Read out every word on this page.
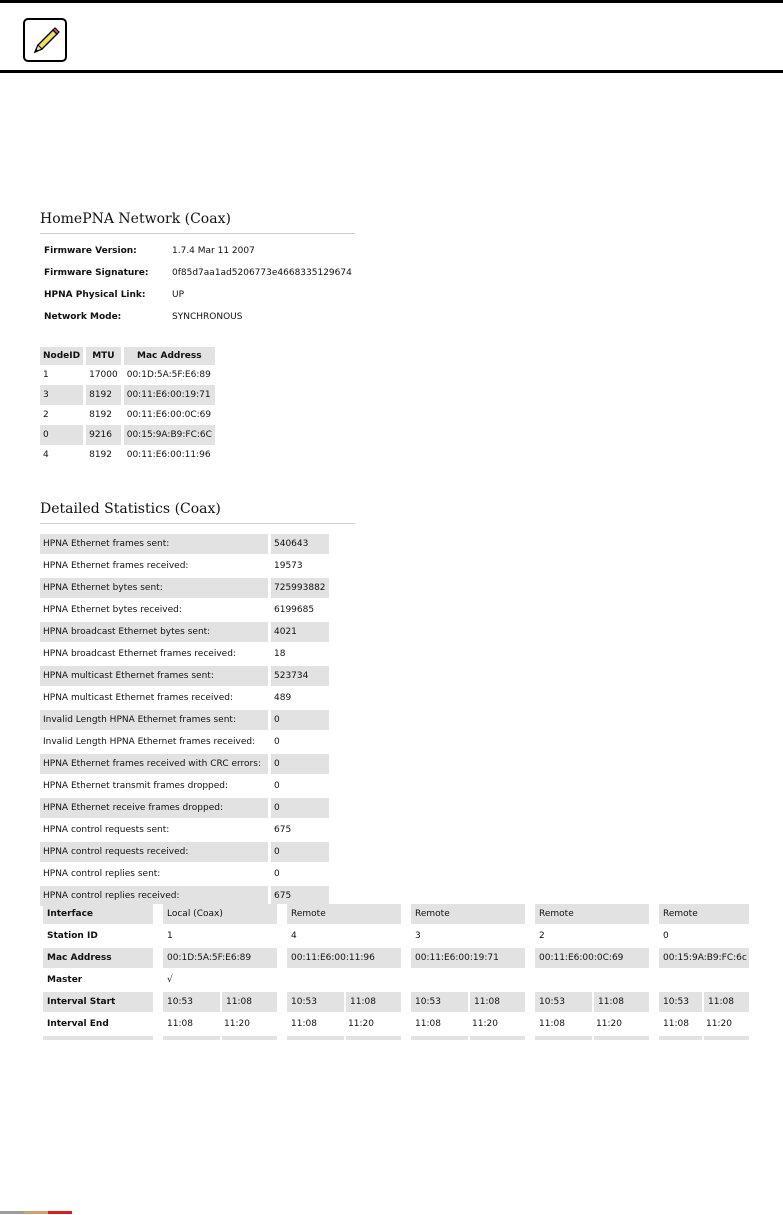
HomePNA Network (Coax)
Firmware Version:	1.7.4 Mar 11 2007
Firmware Signature:	0f85d7aa1ad5206773e4668335129674
HPNA Physical Link:	UP
Network Mode:	SYNCHRONOUS
NodeID	MTU	Mac Address
1	17000	00:1D:5A:5F:E6:89
3	8192	00:11:E6:00:19:71
2	8192	00:11:E6:00:0C:69
0	9216	00:15:9A:B9:FC:6C
4	8192	00:11:E6:00:11:96
Detailed Statistics (Coax)
HPNA Ethernet frames sent:	540643
HPNA Ethernet frames received:	19573
HPNA Ethernet bytes sent:	725993882
HPNA Ethernet bytes received:	6199685
HPNA broadcast Ethernet bytes sent:	4021
HPNA broadcast Ethernet frames received:	18
HPNA multicast Ethernet frames sent:	523734
HPNA multicast Ethernet frames received:	489
Invalid Length HPNA Ethernet frames sent:	0
Invalid Length HPNA Ethernet frames received:	0
HPNA Ethernet frames received with CRC errors:	0
HPNA Ethernet transmit frames dropped:	0
HPNA Ethernet receive frames dropped:	0
HPNA control requests sent:	675
HPNA control requests received:	0
HPNA control replies sent:	0
HPNA control replies received:	675
Interface		Local (Coax)			Remote			Remote			Remote			Remote	
Station ID		1			4			3			2			0	
Mac Address		00:1D:5A:5F:E6:89			00:11:E6:00:11:96			00:11:E6:00:19:71			00:11:E6:00:0C:69			00:15:9A:B9:FC:6c	
Master		√													
Interval Start		10:53	11:08		10:53	11:08		10:53	11:08		10:53	11:08		10:53	11:08
Interval End		11:08	11:20		11:08	11:20		11:08	11:20		11:08	11:20		11:08	11:20
